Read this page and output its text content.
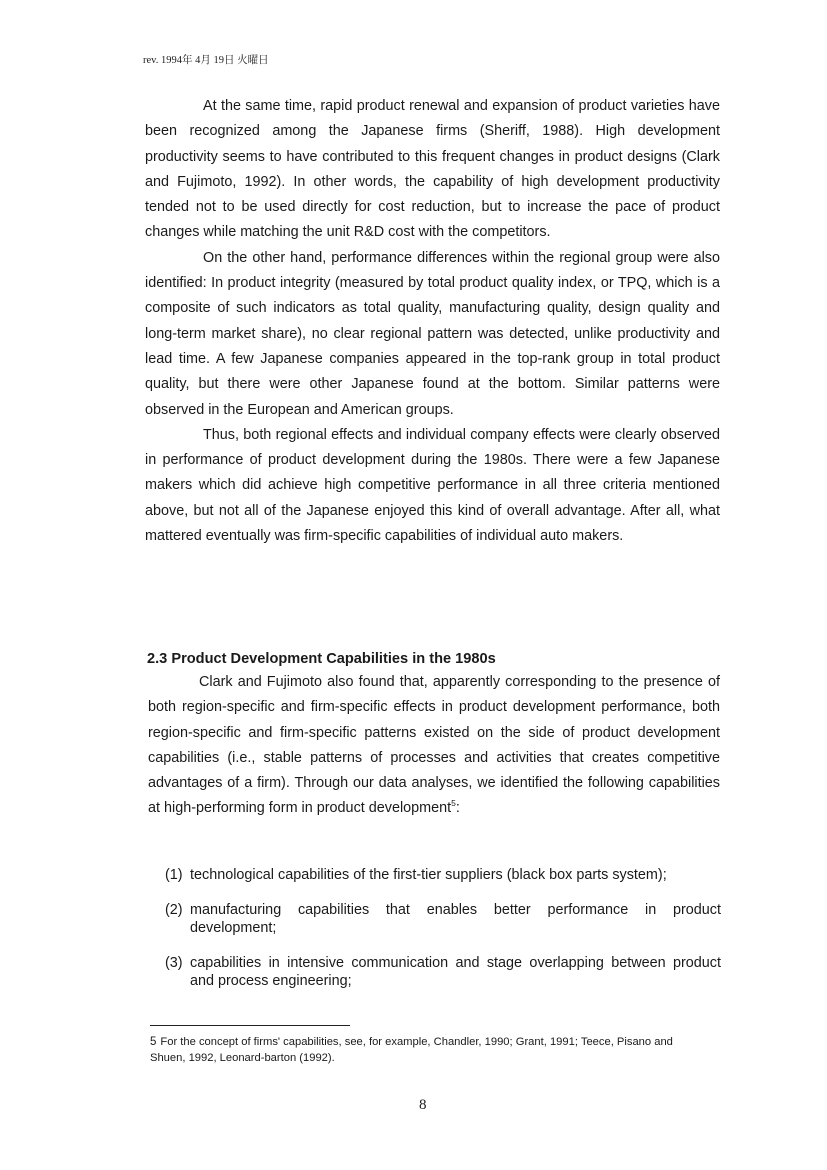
rev. 1994年 4月 19日 火曜日

At the same time, rapid product renewal and expansion of product varieties have been recognized among the Japanese firms (Sheriff, 1988). High development productivity seems to have contributed to this frequent changes in product designs (Clark and Fujimoto, 1992). In other words, the capability of high development productivity tended not to be used directly for cost reduction, but to increase the pace of product changes while matching the unit R&D cost with the competitors.

On the other hand, performance differences within the regional group were also identified: In product integrity (measured by total product quality index, or TPQ, which is a composite of such indicators as total quality, manufacturing quality, design quality and long-term market share), no clear regional pattern was detected, unlike productivity and lead time. A few Japanese companies appeared in the top-rank group in total product quality, but there were other Japanese found at the bottom. Similar patterns were observed in the European and American groups.

Thus, both regional effects and individual company effects were clearly observed in performance of product development during the 1980s. There were a few Japanese makers which did achieve high competitive performance in all three criteria mentioned above, but not all of the Japanese enjoyed this kind of overall advantage. After all, what mattered eventually was firm-specific capabilities of individual auto makers.

2.3 Product Development Capabilities in the 1980s

Clark and Fujimoto also found that, apparently corresponding to the presence of both region-specific and firm-specific effects in product development performance, both region-specific and firm-specific patterns existed on the side of product development capabilities (i.e., stable patterns of processes and activities that creates competitive advantages of a firm). Through our data analyses, we identified the following capabilities at high-performing form in product development$^5$:

(1) technological capabilities of the first-tier suppliers (black box parts system);
(2) manufacturing capabilities that enables better performance in product development;
(3) capabilities in intensive communication and stage overlapping between product and process engineering;
5 For the concept of firms' capabilities, see, for example, Chandler, 1990; Grant, 1991; Teece, Pisano and Shuen, 1992, Leonard-barton (1992).
8
